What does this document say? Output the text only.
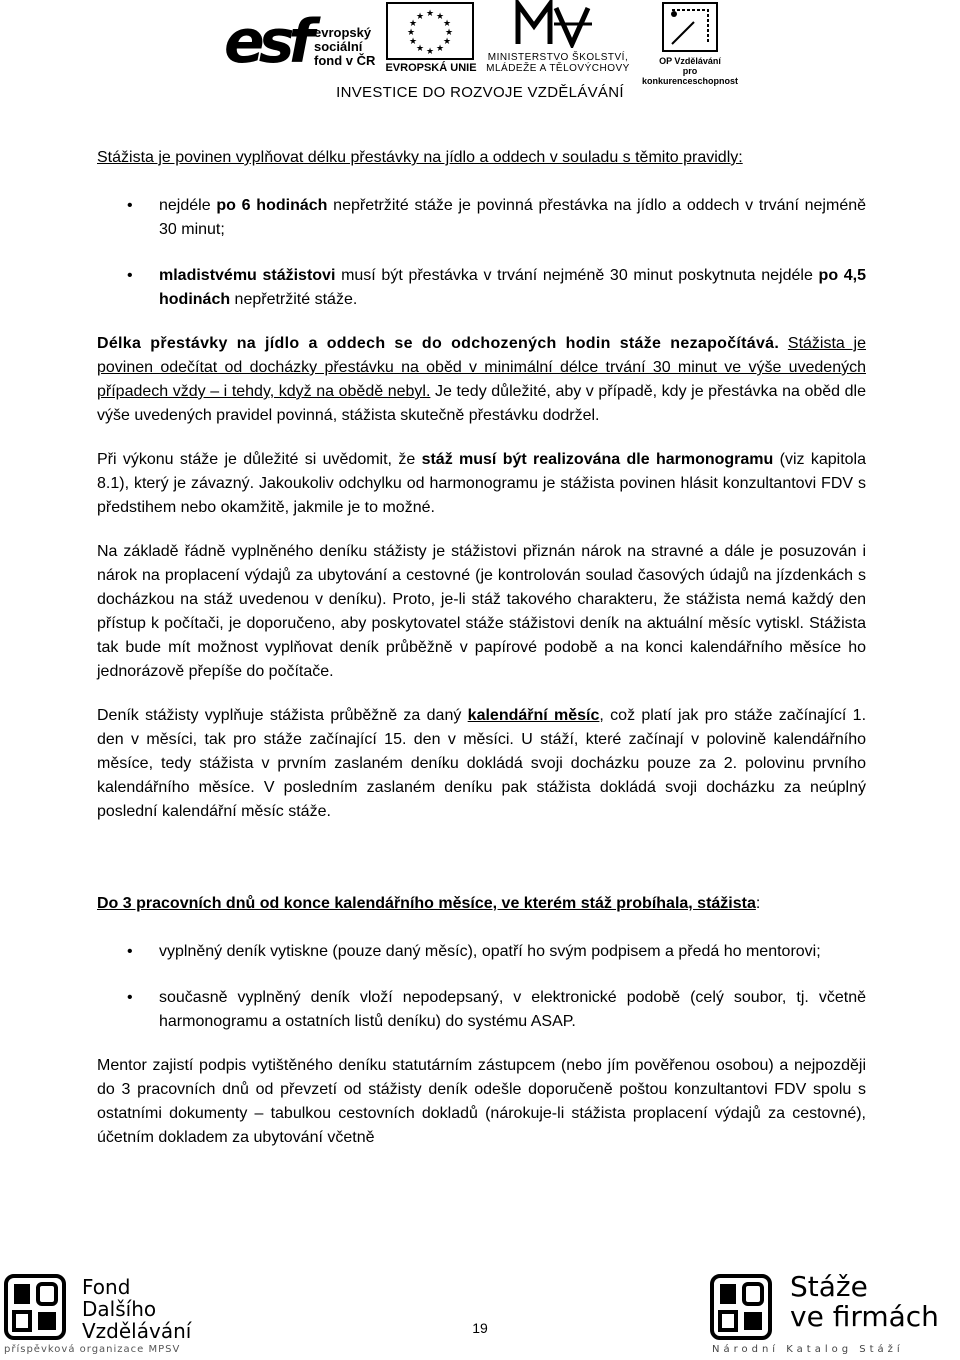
esf evropský
sociální
fond v ČR
★ ★
★
★
★
★
★
★
★
★
★
★
EVROPSKÁ UNIE
MINISTERSTVO ŠKOLSTVÍ,
MLÁDEŽE A TĚLOVÝCHOVY
OP Vzdělávání
pro konkurenceschopnost
INVESTICE DO ROZVOJE VZDĚLÁVÁNÍ

Stážista je povinen vyplňovat délku přestávky na jídlo a oddech v souladu s těmito pravidly:

• nejdéle po 6 hodinách nepřetržité stáže je povinná přestávka na jídlo a oddech v trvání nejméně 30 minut;
• mladistvému stážistovi musí být přestávka v trvání nejméně 30 minut poskytnuta nejdéle po 4,5 hodinách nepřetržité stáže.

Délka přestávky na jídlo a oddech se do odchozených hodin stáže nezapočítává. Stážista je povinen odečítat od docházky přestávku na oběd v minimální délce trvání 30 minut ve výše uvedených případech vždy – i tehdy, když na obědě nebyl. Je tedy důležité, aby v případě, kdy je přestávka na oběd dle výše uvedených pravidel povinná, stážista skutečně přestávku dodržel.

Při výkonu stáže je důležité si uvědomit, že stáž musí být realizována dle harmonogramu (viz kapitola 8.1), který je závazný. Jakoukoliv odchylku od harmonogramu je stážista povinen hlásit konzultantovi FDV s předstihem nebo okamžitě, jakmile je to možné.

Na základě řádně vyplněného deníku stážisty je stážistovi přiznán nárok na stravné a dále je posuzován i nárok na proplacení výdajů za ubytování a cestovné (je kontrolován soulad časových údajů na jízdenkách s docházkou na stáž uvedenou v deníku). Proto, je-li stáž takového charakteru, že stážista nemá každý den přístup k počítači, je doporučeno, aby poskytovatel stáže stážistovi deník na aktuální měsíc vytiskl. Stážista tak bude mít možnost vyplňovat deník průběžně v papírové podobě a na konci kalendářního měsíce ho jednorázově přepíše do počítače.

Deník stážisty vyplňuje stážista průběžně za daný kalendářní měsíc, což platí jak pro stáže začínající 1. den v měsíci, tak pro stáže začínající 15. den v měsíci. U stáží, které začínají v polovině kalendářního měsíce, tedy stážista v prvním zaslaném deníku dokládá svoji docházku pouze za 2. polovinu prvního kalendářního měsíce. V posledním zaslaném deníku pak stážista dokládá svoji docházku za neúplný poslední kalendářní měsíc stáže.

Do 3 pracovních dnů od konce kalendářního měsíce, ve kterém stáž probíhala, stážista:

• vyplněný deník vytiskne (pouze daný měsíc), opatří ho svým podpisem a předá ho mentorovi;
• současně vyplněný deník vloží nepodepsaný, v elektronické podobě (celý soubor, tj. včetně harmonogramu a ostatních listů deníku) do systému ASAP.

Mentor zajistí podpis vytištěného deníku statutárním zástupcem (nebo jím pověřenou osobou) a nejpozději do 3 pracovních dnů od převzetí od stážisty deník odešle doporučeně poštou konzultantovi FDV spolu s ostatními dokumenty – tabulkou cestovních dokladů (nárokuje-li stážista proplacení výdajů za cestovné), účetním dokladem za ubytování včetně

Fond
Dalšího
Vzdělávání
příspěvková organizace MPSV
19
Stáže
ve firmách
Národní Katalog Stáží
